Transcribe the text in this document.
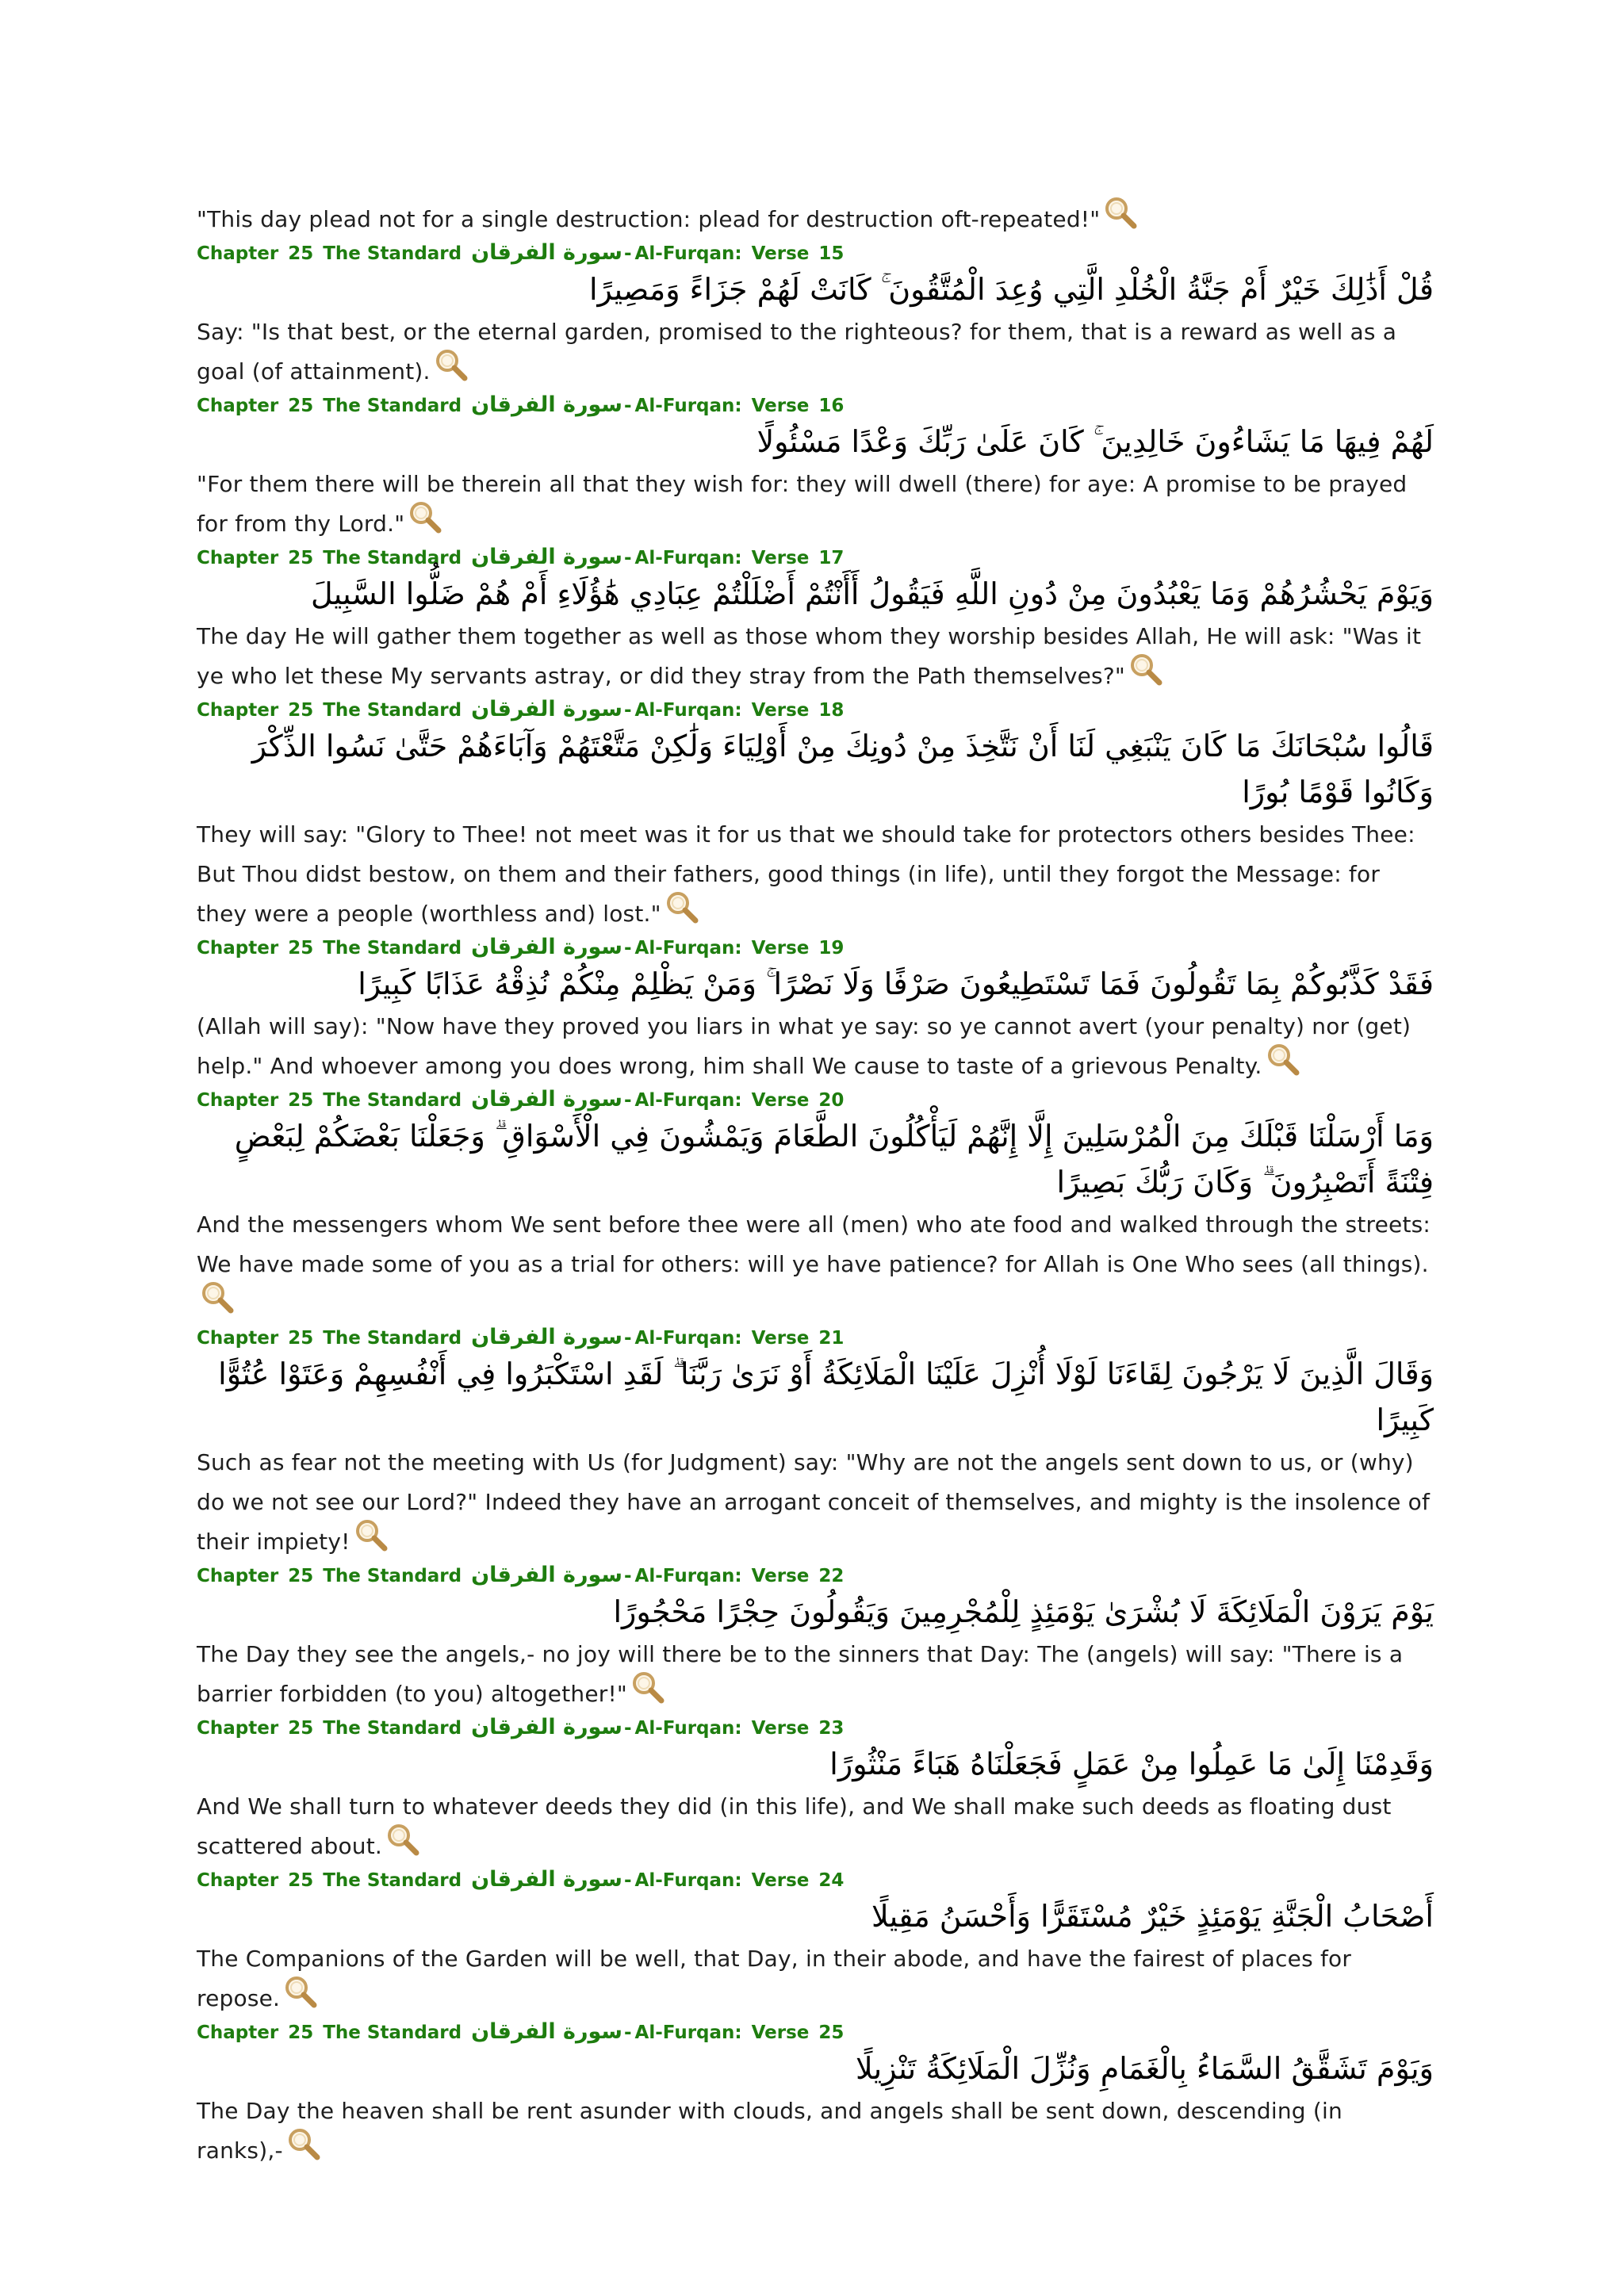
"This day plead not for a single destruction: plead for destruction oft-repeated!"

Chapter 25 The Standard سورة الفرقان - Al-Furqan: Verse 15

قُلْ أَذَٰلِكَ خَيْرٌ أَمْ جَنَّةُ الْخُلْدِ الَّتِي وُعِدَ الْمُتَّقُونَ ۚ كَانَتْ لَهُمْ جَزَاءً وَمَصِيرًا

Say: "Is that best, or the eternal garden, promised to the righteous? for them, that is a reward as well as a goal (of attainment).

Chapter 25 The Standard سورة الفرقان - Al-Furqan: Verse 16

لَهُمْ فِيهَا مَا يَشَاءُونَ خَالِدِينَ ۚ كَانَ عَلَىٰ رَبِّكَ وَعْدًا مَسْئُولًا

"For them there will be therein all that they wish for: they will dwell (there) for aye: A promise to be prayed for from thy Lord."

Chapter 25 The Standard سورة الفرقان - Al-Furqan: Verse 17

وَيَوْمَ يَحْشُرُهُمْ وَمَا يَعْبُدُونَ مِنْ دُونِ اللَّهِ فَيَقُولُ أَأَنْتُمْ أَضْلَلْتُمْ عِبَادِي هَٰؤُلَاءِ أَمْ هُمْ ضَلُّوا السَّبِيلَ

The day He will gather them together as well as those whom they worship besides Allah, He will ask: "Was it ye who let these My servants astray, or did they stray from the Path themselves?"

Chapter 25 The Standard سورة الفرقان - Al-Furqan: Verse 18

قَالُوا سُبْحَانَكَ مَا كَانَ يَنْبَغِي لَنَا أَنْ نَتَّخِذَ مِنْ دُونِكَ مِنْ أَوْلِيَاءَ وَلَٰكِنْ مَتَّعْتَهُمْ وَآبَاءَهُمْ حَتَّىٰ نَسُوا الذِّكْرَ وَكَانُوا قَوْمًا بُورًا

They will say: "Glory to Thee! not meet was it for us that we should take for protectors others besides Thee: But Thou didst bestow, on them and their fathers, good things (in life), until they forgot the Message: for they were a people (worthless and) lost."

Chapter 25 The Standard سورة الفرقان - Al-Furqan: Verse 19

فَقَدْ كَذَّبُوكُمْ بِمَا تَقُولُونَ فَمَا تَسْتَطِيعُونَ صَرْفًا وَلَا نَصْرًا ۚ وَمَنْ يَظْلِمْ مِنْكُمْ نُذِقْهُ عَذَابًا كَبِيرًا

(Allah will say): "Now have they proved you liars in what ye say: so ye cannot avert (your penalty) nor (get) help." And whoever among you does wrong, him shall We cause to taste of a grievous Penalty.

Chapter 25 The Standard سورة الفرقان - Al-Furqan: Verse 20

وَمَا أَرْسَلْنَا قَبْلَكَ مِنَ الْمُرْسَلِينَ إِلَّا إِنَّهُمْ لَيَأْكُلُونَ الطَّعَامَ وَيَمْشُونَ فِي الْأَسْوَاقِ ۗ وَجَعَلْنَا بَعْضَكُمْ لِبَعْضٍ فِتْنَةً أَتَصْبِرُونَ ۗ وَكَانَ رَبُّكَ بَصِيرًا

And the messengers whom We sent before thee were all (men) who ate food and walked through the streets: We have made some of you as a trial for others: will ye have patience? for Allah is One Who sees (all things).

Chapter 25 The Standard سورة الفرقان - Al-Furqan: Verse 21

وَقَالَ الَّذِينَ لَا يَرْجُونَ لِقَاءَنَا لَوْلَا أُنْزِلَ عَلَيْنَا الْمَلَائِكَةُ أَوْ نَرَىٰ رَبَّنَا ۗ لَقَدِ اسْتَكْبَرُوا فِي أَنْفُسِهِمْ وَعَتَوْا عُتُوًّا كَبِيرًا

Such as fear not the meeting with Us (for Judgment) say: "Why are not the angels sent down to us, or (why) do we not see our Lord?" Indeed they have an arrogant conceit of themselves, and mighty is the insolence of their impiety!

Chapter 25 The Standard سورة الفرقان - Al-Furqan: Verse 22

يَوْمَ يَرَوْنَ الْمَلَائِكَةَ لَا بُشْرَىٰ يَوْمَئِذٍ لِلْمُجْرِمِينَ وَيَقُولُونَ حِجْرًا مَحْجُورًا

The Day they see the angels,- no joy will there be to the sinners that Day: The (angels) will say: "There is a barrier forbidden (to you) altogether!"

Chapter 25 The Standard سورة الفرقان - Al-Furqan: Verse 23

وَقَدِمْنَا إِلَىٰ مَا عَمِلُوا مِنْ عَمَلٍ فَجَعَلْنَاهُ هَبَاءً مَنْثُورًا

And We shall turn to whatever deeds they did (in this life), and We shall make such deeds as floating dust scattered about.

Chapter 25 The Standard سورة الفرقان - Al-Furqan: Verse 24

أَصْحَابُ الْجَنَّةِ يَوْمَئِذٍ خَيْرٌ مُسْتَقَرًّا وَأَحْسَنُ مَقِيلًا

The Companions of the Garden will be well, that Day, in their abode, and have the fairest of places for repose.

Chapter 25 The Standard سورة الفرقان - Al-Furqan: Verse 25

وَيَوْمَ تَشَقَّقُ السَّمَاءُ بِالْغَمَامِ وَنُزِّلَ الْمَلَائِكَةُ تَنْزِيلًا

The Day the heaven shall be rent asunder with clouds, and angels shall be sent down, descending (in ranks),-
